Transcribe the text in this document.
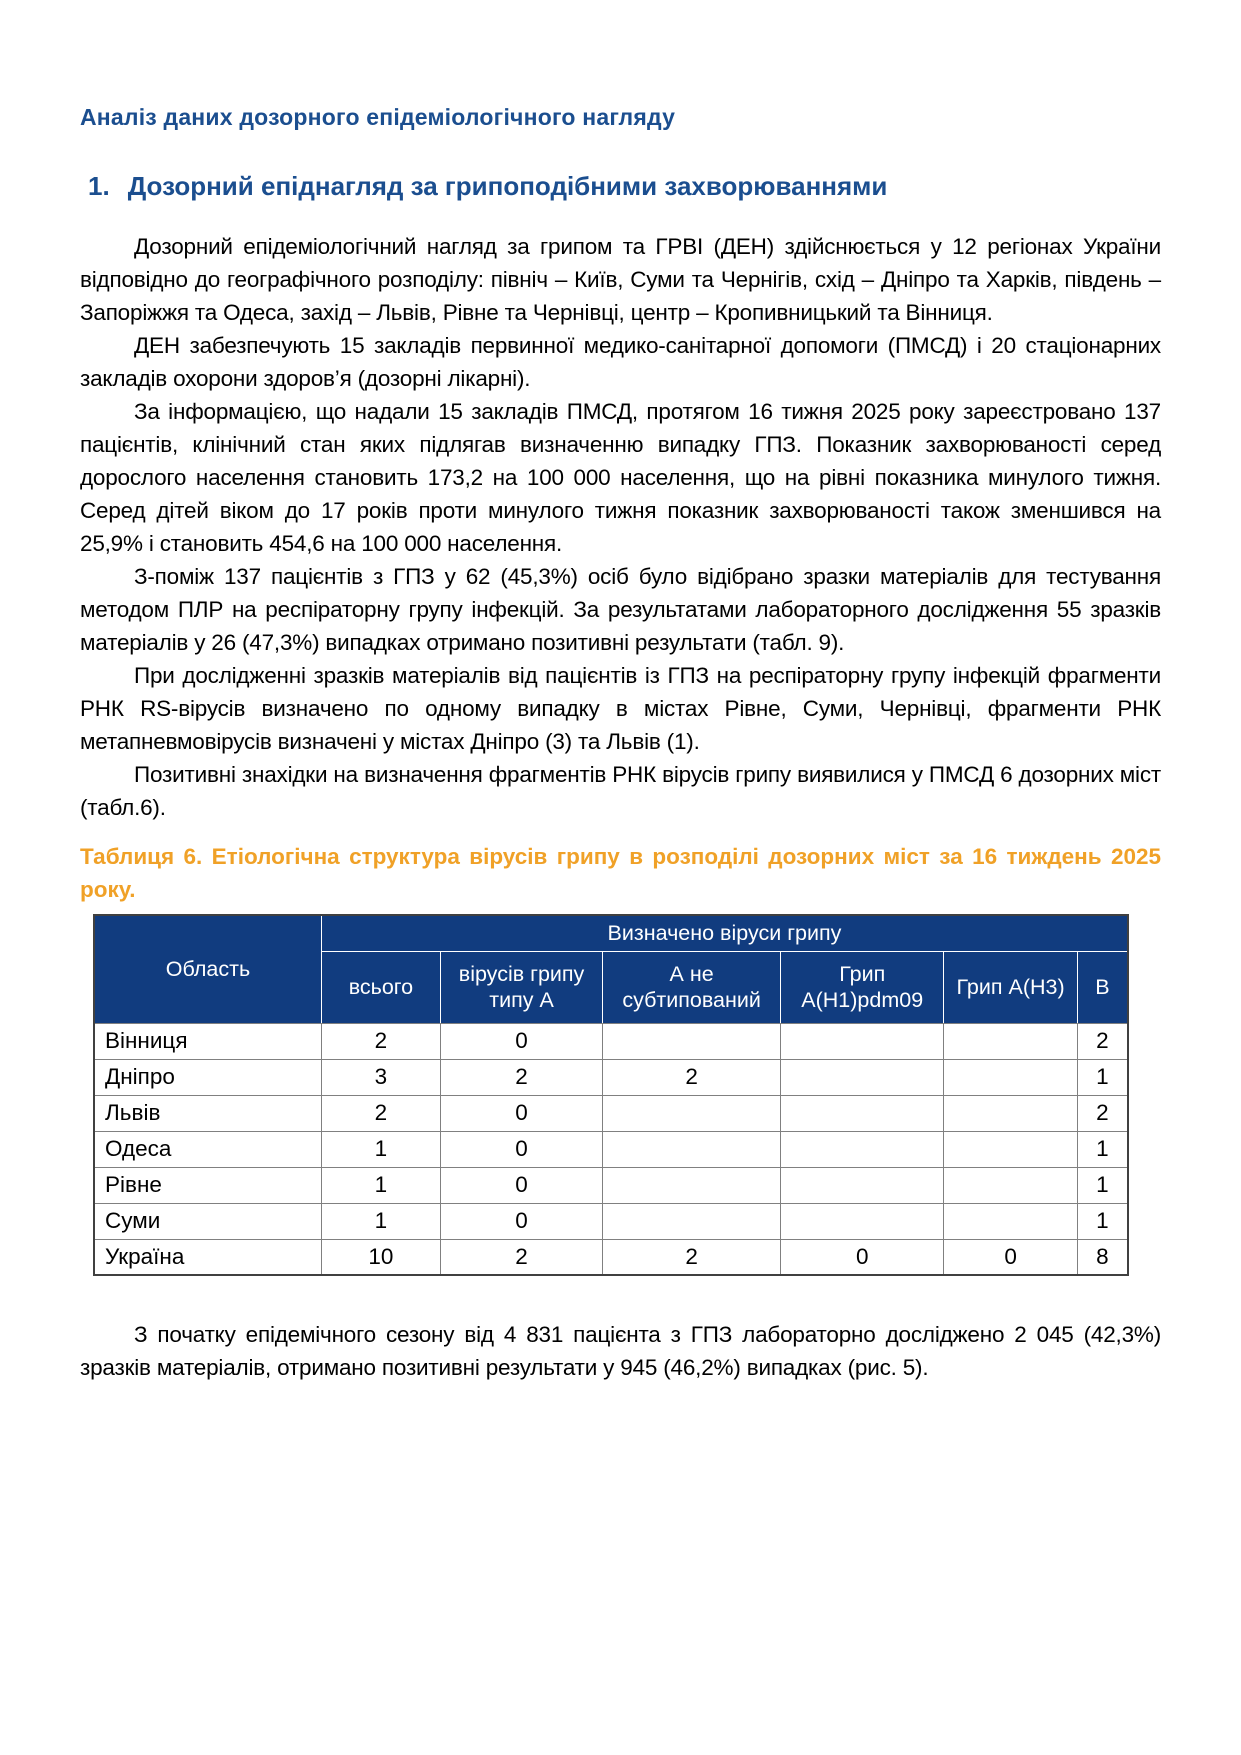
Аналіз даних дозорного епідеміологічного нагляду
1. Дозорний епіднагляд за грипоподібними захворюваннями

Дозорний епідеміологічний нагляд за грипом та ГРВІ (ДЕН) здійснюється у 12 регіонах України відповідно до географічного розподілу: північ – Київ, Суми та Чернігів, схід – Дніпро та Харків, південь – Запоріжжя та Одеса, захід – Львів, Рівне та Чернівці, центр – Кропивницький та Вінниця.

ДЕН забезпечують 15 закладів первинної медико-санітарної допомоги (ПМСД) і 20 стаціонарних закладів охорони здоров’я (дозорні лікарні).

За інформацією, що надали 15 закладів ПМСД, протягом 16 тижня 2025 року зареєстровано 137 пацієнтів, клінічний стан яких підлягав визначенню випадку ГПЗ. Показник захворюваності серед дорослого населення становить 173,2 на 100 000 населення, що на рівні показника минулого тижня. Серед дітей віком до 17 років проти минулого тижня показник захворюваності також зменшився на 25,9% і становить 454,6 на 100 000 населення.

З-поміж 137 пацієнтів з ГПЗ у 62 (45,3%) осіб було відібрано зразки матеріалів для тестування методом ПЛР на респіраторну групу інфекцій. За результатами лабораторного дослідження 55 зразків матеріалів у 26 (47,3%) випадках отримано позитивні результати (табл. 9).

При дослідженні зразків матеріалів від пацієнтів із ГПЗ на респіраторну групу інфекцій фрагменти РНК RS-вірусів визначено по одному випадку в містах Рівне, Суми, Чернівці, фрагменти РНК метапневмовірусів визначені у містах Дніпро (3) та Львів (1).

Позитивні знахідки на визначення фрагментів РНК вірусів грипу виявилися у ПМСД 6 дозорних міст (табл.6).

Таблиця 6. Етіологічна структура вірусів грипу в розподілі дозорних міст за 16 тиждень 2025 року.

Область	Визначено віруси грипу					
	всього	вірусів грипу типу А	А не субтипований	Грип А(H1)pdm09	Грип А(H3)	В
Вінниця	2	0				2
Дніпро	3	2	2			1
Львів	2	0				2
Одеса	1	0				1
Рівне	1	0				1
Суми	1	0				1
Україна	10	2	2	0	0	8

З початку епідемічного сезону від 4 831 пацієнта з ГПЗ лабораторно досліджено 2 045 (42,3%) зразків матеріалів, отримано позитивні результати у 945 (46,2%) випадках (рис. 5).
